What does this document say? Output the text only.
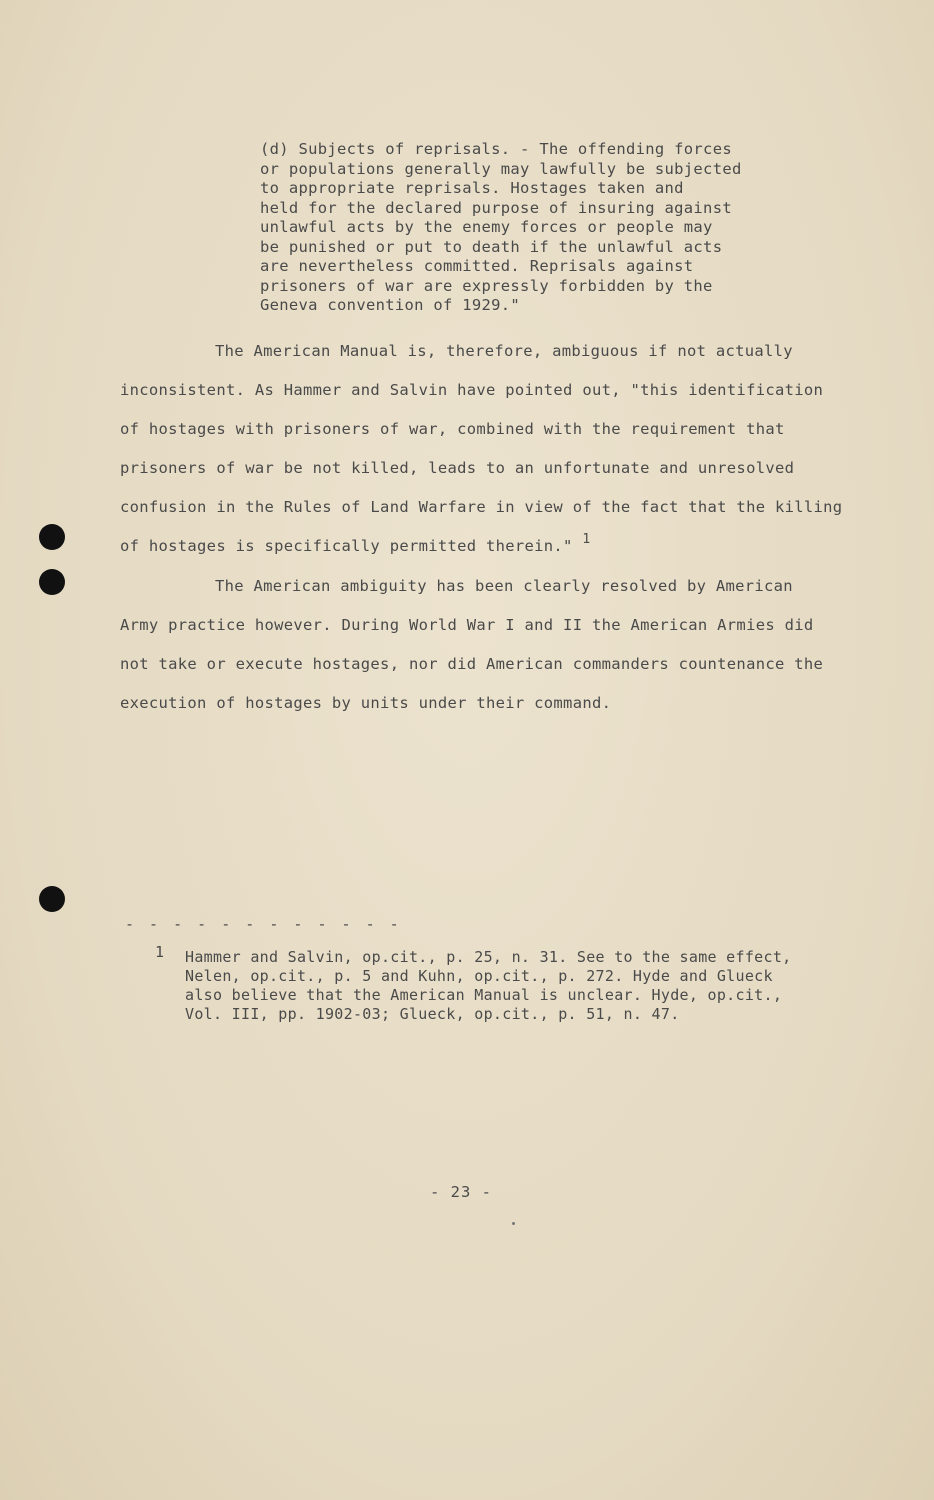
(d) Subjects of reprisals. - The offending forces
or populations generally may lawfully be subjected
to appropriate reprisals. Hostages taken and
held for the declared purpose of insuring against
unlawful acts by the enemy forces or people may
be punished or put to death if the unlawful acts
are nevertheless committed. Reprisals against
prisoners of war are expressly forbidden by the
Geneva convention of 1929."
The American Manual is, therefore, ambiguous if not actually
inconsistent. As Hammer and Salvin have pointed out, "this identification
of hostages with prisoners of war, combined with the requirement that
prisoners of war be not killed, leads to an unfortunate and unresolved
confusion in the Rules of Land Warfare in view of the fact that the killing
of hostages is specifically permitted therein." $^1$
The American ambiguity has been clearly resolved by American
Army practice however. During World War I and II the American Armies did
not take or execute hostages, nor did American commanders countenance the
execution of hostages by units under their command.
- - - - - - - - - - - -
1 Hammer and Salvin, op.cit., p. 25, n. 31. See to the same effect,
Nelen, op.cit., p. 5 and Kuhn, op.cit., p. 272. Hyde and Glueck
also believe that the American Manual is unclear. Hyde, op.cit.,
Vol. III, pp. 1902-03; Glueck, op.cit., p. 51, n. 47.
- 23 -
